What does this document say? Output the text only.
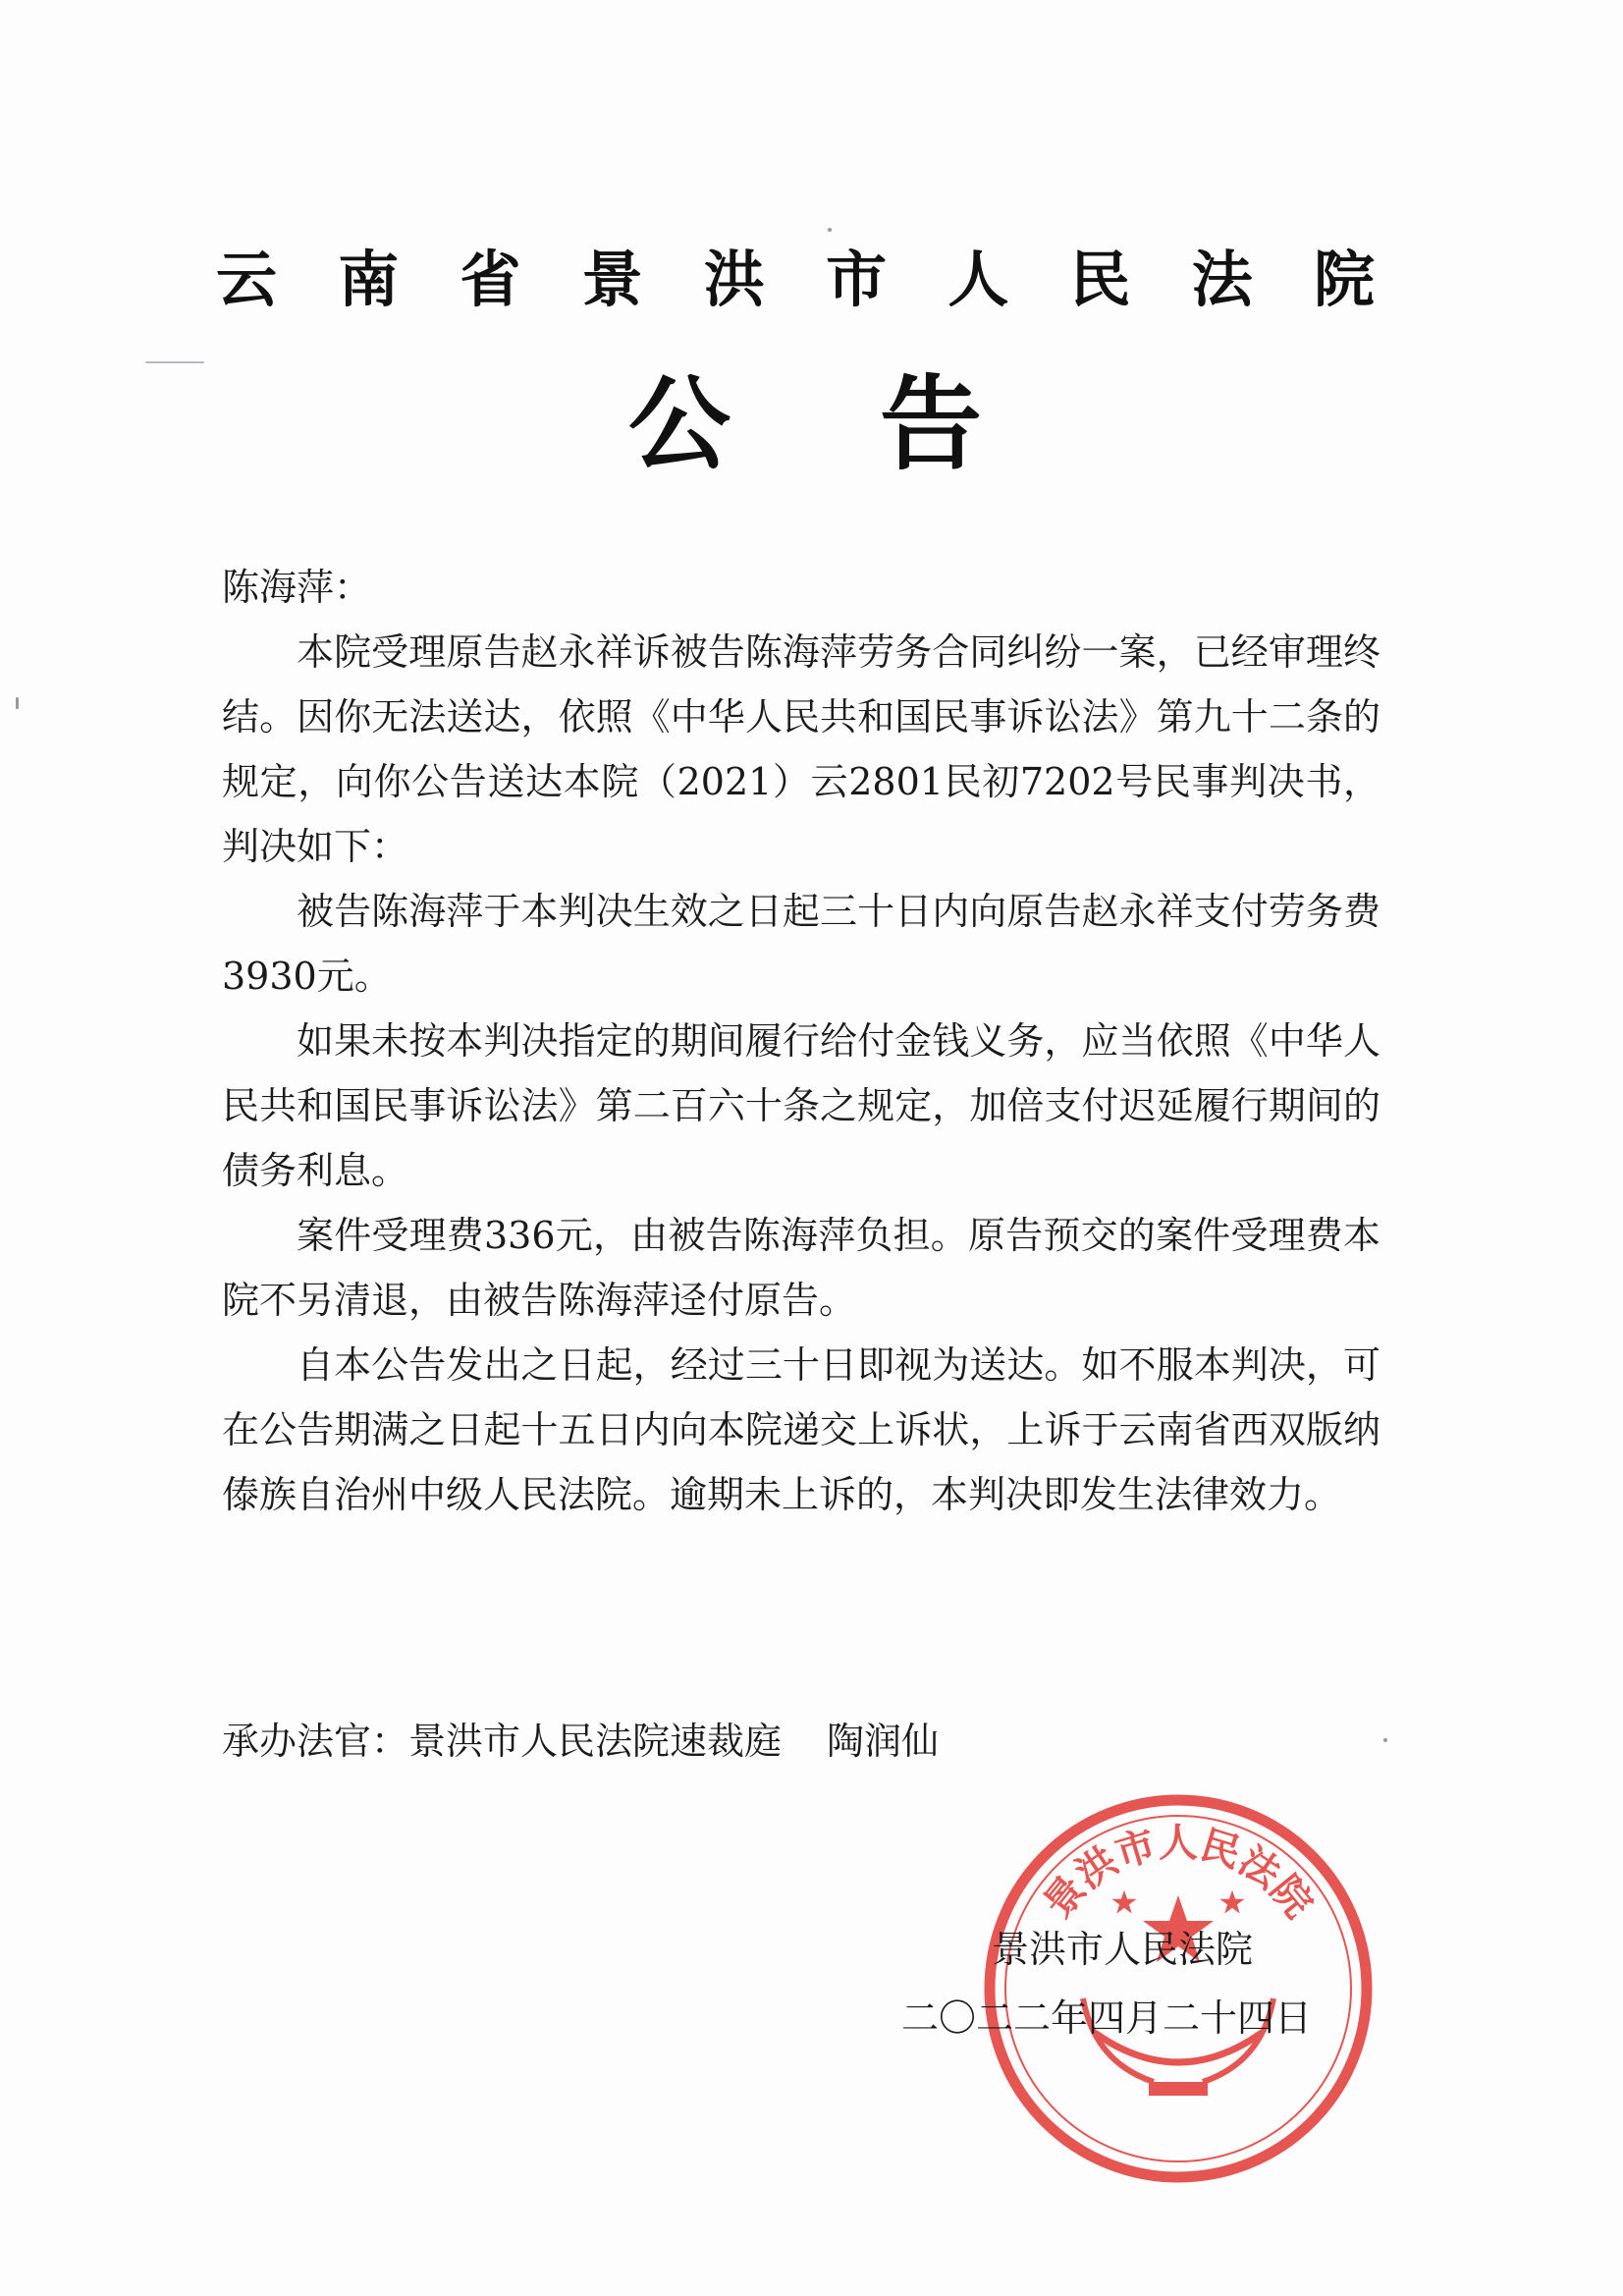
云 南 省 景 洪 市 人 民 法 院
公 告

陈海萍：

本院受理原告赵永祥诉被告陈海萍劳务合同纠纷一案，已经审理终结。因你无法送达，依照《中华人民共和国民事诉讼法》第九十二条的规定，向你公告送达本院（2021）云2801民初7202号民事判决书，判决如下：

被告陈海萍于本判决生效之日起三十日内向原告赵永祥支付劳务费3930元。

如果未按本判决指定的期间履行给付金钱义务，应当依照《中华人民共和国民事诉讼法》第二百六十条之规定，加倍支付迟延履行期间的债务利息。

案件受理费336元，由被告陈海萍负担。原告预交的案件受理费本院不另清退，由被告陈海萍迳付原告。

自本公告发出之日起，经过三十日即视为送达。如不服本判决，可在公告期满之日起十五日内向本院递交上诉状，上诉于云南省西双版纳傣族自治州中级人民法院。逾期未上诉的，本判决即发生法律效力。

承办法官：景洪市人民法院速裁庭 陶润仙
景洪市人民法院
景洪市人民法院
二〇二二年四月二十四日
